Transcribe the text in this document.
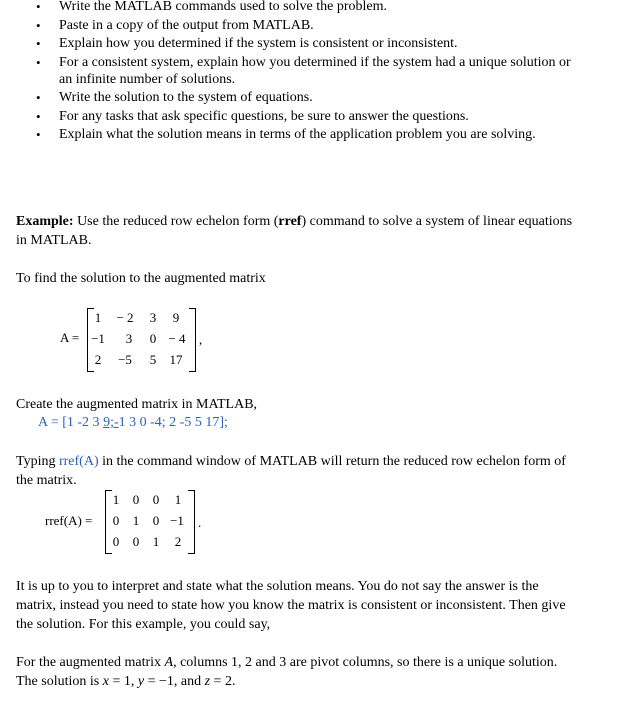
• Write the MATLAB commands used to solve the problem.
• Paste in a copy of the output from MATLAB.
• Explain how you determined if the system is consistent or inconsistent.
• For a consistent system, explain how you determined if the system had a unique solution or an infinite number of solutions.
• Write the solution to the system of equations.
• For any tasks that ask specific questions, be sure to answer the questions.
• Explain what the solution means in terms of the application problem you are solving.
Example: Use the reduced row echelon form (rref) command to solve a system of linear equations in MATLAB.
To find the solution to the augmented matrix
A =	,
1	− 2	3	9
−1	3	0 − 4
2	−5	5	17
Create the augmented matrix in MATLAB,
A = [1 -2 3 9;-1 3 0 -4; 2 -5 5 17];
Typing rref(A) in the command window of MATLAB will return the reduced row echelon form of the matrix.
rref(A) =	.
1 0 0	1
0 1 0 −1
0 0 1	2
It is up to you to interpret and state what the solution means. You do not say the answer is the matrix, instead you need to state how you know the matrix is consistent or inconsistent. Then give the solution. For this example, you could say,
For the augmented matrix A, columns 1, 2 and 3 are pivot columns, so there is a unique solution. The solution is x = 1, y = −1, and z = 2.
